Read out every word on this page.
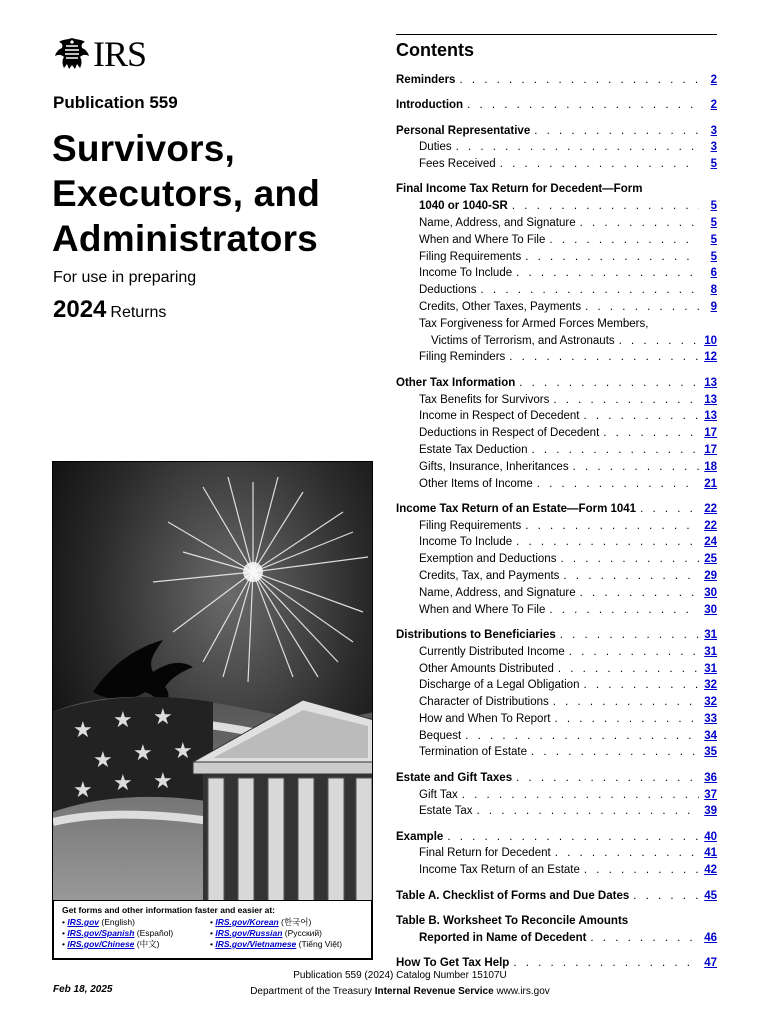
IRS
Publication 559
Survivors,
Executors, and
Administrators
For use in preparing
2024 Returns
★ ★ ★
★ ★ ★
★ ★ ★
Get forms and other information faster and easier at:
• IRS.gov (English)
• IRS.gov/Spanish (Español)
• IRS.gov/Chinese (中文)
• IRS.gov/Korean (한국어)
• IRS.gov/Russian (Русский)
• IRS.gov/Vietnamese (Tiếng Việt)
Contents
Reminders . . .	2
Introduction . . .	2
Personal Representative . . .	3
Duties . . .	3
Fees Received . . .	5
Final Income Tax Return for Decedent—Form
1040 or 1040-SR . . .	5
Name, Address, and Signature . . .	5
When and Where To File . . .	5
Filing Requirements . . .	5
Income To Include . . .	6
Deductions . . .	8
Credits, Other Taxes, Payments . . .	9
Tax Forgiveness for Armed Forces Members,
Victims of Terrorism, and Astronauts . . .	10
Filing Reminders . . .	12
Other Tax Information . . .	13
Tax Benefits for Survivors . . .	13
Income in Respect of Decedent . . .	13
Deductions in Respect of Decedent . . .	17
Estate Tax Deduction . . .	17
Gifts, Insurance, Inheritances . . .	18
Other Items of Income . . .	21
Income Tax Return of an Estate—Form 1041 . . .	22
Filing Requirements . . .	22
Income To Include . . .	24
Exemption and Deductions . . .	25
Credits, Tax, and Payments . . .	29
Name, Address, and Signature . . .	30
When and Where To File . . .	30
Distributions to Beneficiaries . . .	31
Currently Distributed Income . . .	31
Other Amounts Distributed . . .	31
Discharge of a Legal Obligation . . .	32
Character of Distributions . . .	32
How and When To Report . . .	33
Bequest . . .	34
Termination of Estate . . .	35
Estate and Gift Taxes . . .	36
Gift Tax . . .	37
Estate Tax . . .	39
Example . . .	40
Final Return for Decedent . . .	41
Income Tax Return of an Estate . . .	42
Table A. Checklist of Forms and Due Dates . . .	45
Table B. Worksheet To Reconcile Amounts
Reported in Name of Decedent . . .	46
How To Get Tax Help . . .	47
Feb 18, 2025
Publication 559 (2024) Catalog Number 15107U
Department of the Treasury Internal Revenue Service www.irs.gov
